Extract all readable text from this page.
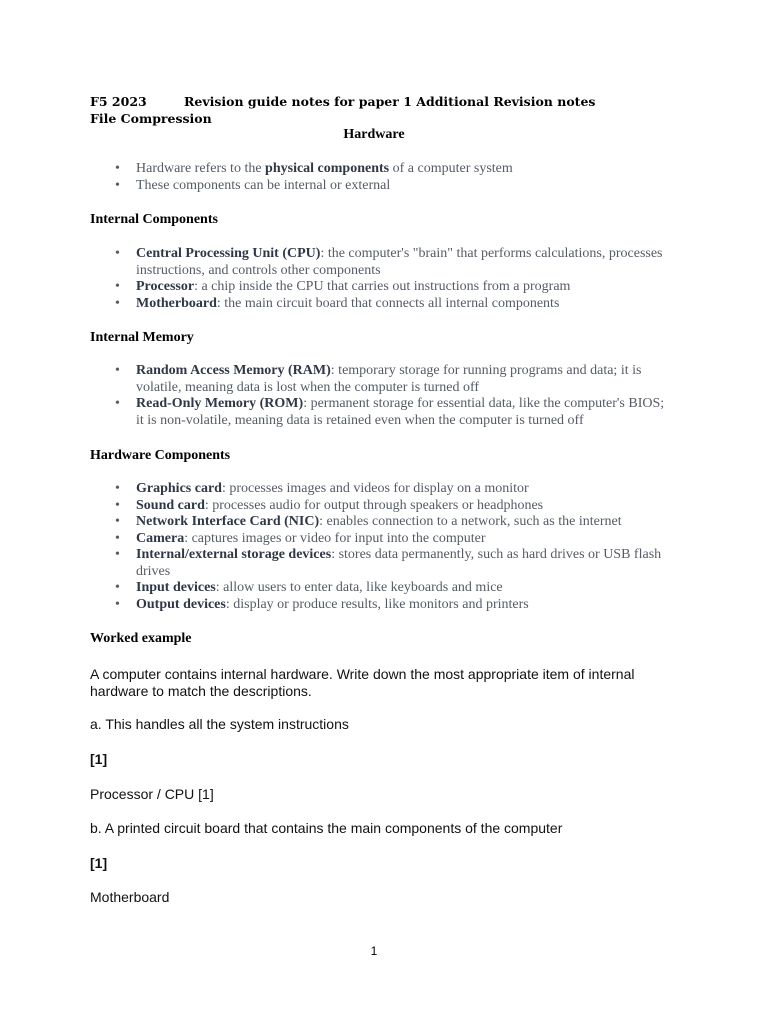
F5 2023	Revision guide notes for paper 1 Additional Revision notes
File Compression
Hardware
• Hardware refers to the physical components of a computer system
• These components can be internal or external
Internal Components
• Central Processing Unit (CPU): the computer's "brain" that performs calculations, processes instructions, and controls other components
• Processor: a chip inside the CPU that carries out instructions from a program
• Motherboard: the main circuit board that connects all internal components
Internal Memory
• Random Access Memory (RAM): temporary storage for running programs and data; it is volatile, meaning data is lost when the computer is turned off
• Read-Only Memory (ROM): permanent storage for essential data, like the computer's BIOS; it is non-volatile, meaning data is retained even when the computer is turned off
Hardware Components
• Graphics card: processes images and videos for display on a monitor
• Sound card: processes audio for output through speakers or headphones
• Network Interface Card (NIC): enables connection to a network, such as the internet
• Camera: captures images or video for input into the computer
• Internal/external storage devices: stores data permanently, such as hard drives or USB flash drives
• Input devices: allow users to enter data, like keyboards and mice
• Output devices: display or produce results, like monitors and printers
Worked example
A computer contains internal hardware. Write down the most appropriate item of internal hardware to match the descriptions.
a. This handles all the system instructions
[1]
Processor / CPU [1]
b. A printed circuit board that contains the main components of the computer
[1]
Motherboard
1
